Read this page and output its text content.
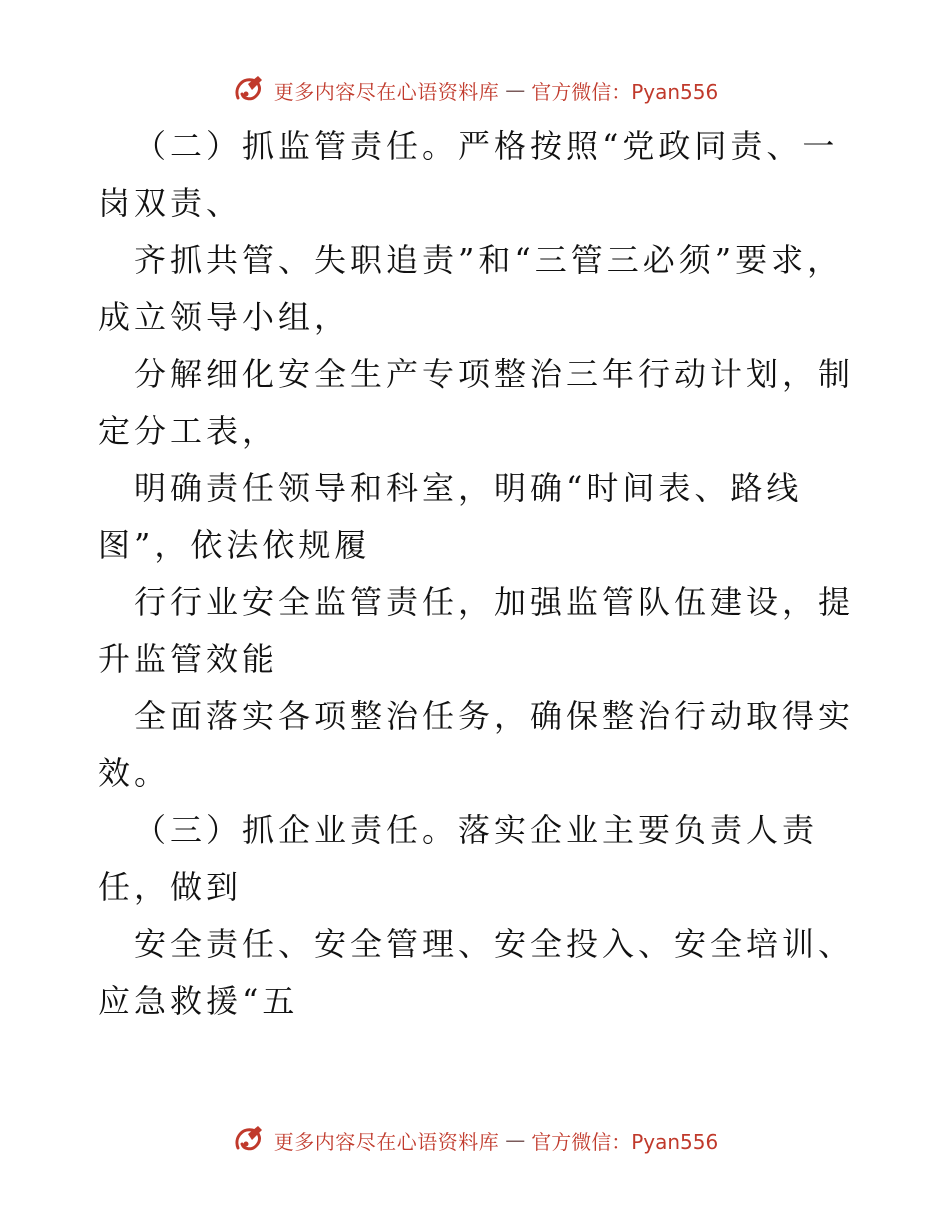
更多内容尽在心语资料库 — 官方微信：Pyan556

（二）抓监管责任。严格按照“党政同责、一岗双责、

齐抓共管、失职追责”和“三管三必须”要求，成立领导小组，

分解细化安全生产专项整治三年行动计划，制定分工表，

明确责任领导和科室，明确“时间表、路线图”，依法依规履

行行业安全监管责任，加强监管队伍建设，提升监管效能

全面落实各项整治任务，确保整治行动取得实效。

（三）抓企业责任。落实企业主要负责人责任，做到

安全责任、安全管理、安全投入、安全培训、应急救援“五

更多内容尽在心语资料库 — 官方微信：Pyan556
